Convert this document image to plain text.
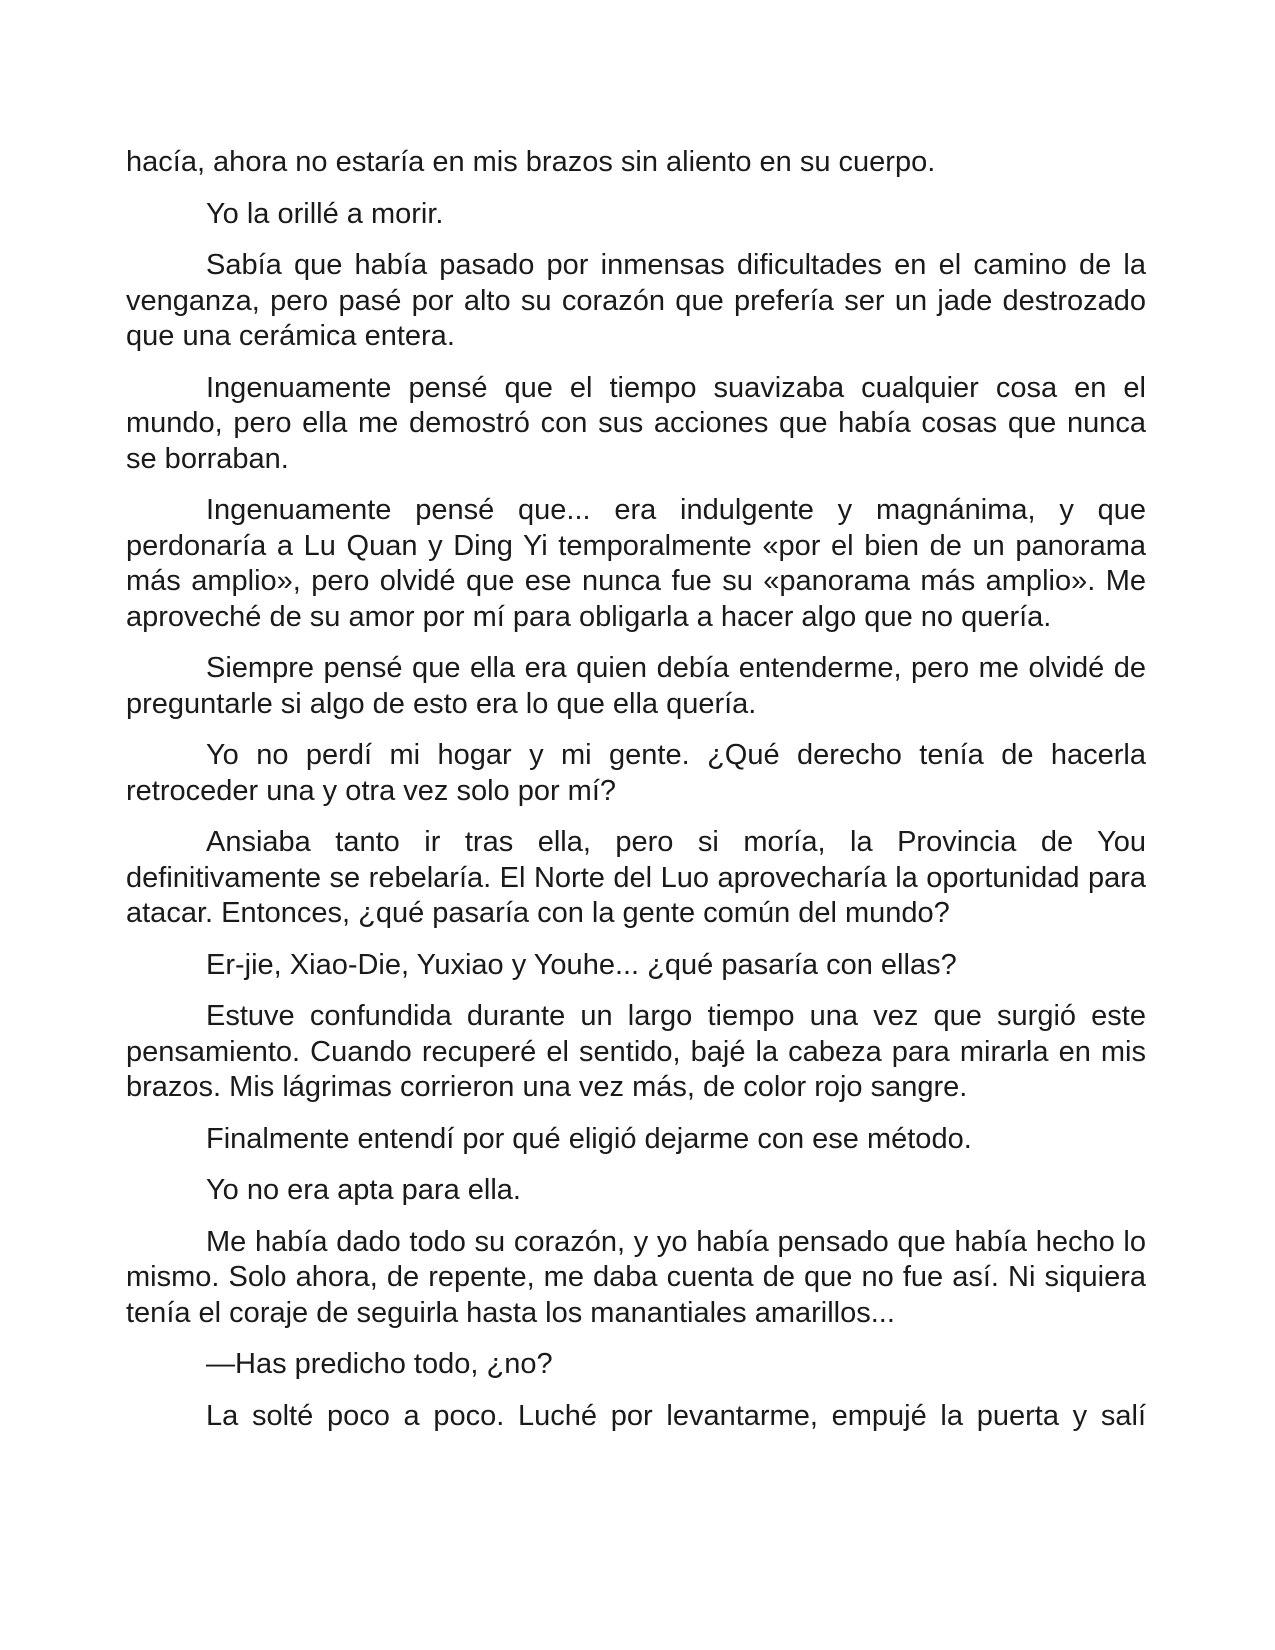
hacía, ahora no estaría en mis brazos sin aliento en su cuerpo.

Yo la orillé a morir.

Sabía que había pasado por inmensas dificultades en el camino de la venganza, pero pasé por alto su corazón que prefería ser un jade destrozado que una cerámica entera.

Ingenuamente pensé que el tiempo suavizaba cualquier cosa en el mundo, pero ella me demostró con sus acciones que había cosas que nunca se borraban.

Ingenuamente pensé que... era indulgente y magnánima, y que perdonaría a Lu Quan y Ding Yi temporalmente «por el bien de un panorama más amplio», pero olvidé que ese nunca fue su «panorama más amplio». Me aproveché de su amor por mí para obligarla a hacer algo que no quería.

Siempre pensé que ella era quien debía entenderme, pero me olvidé de preguntarle si algo de esto era lo que ella quería.

Yo no perdí mi hogar y mi gente. ¿Qué derecho tenía de hacerla retroceder una y otra vez solo por mí?

Ansiaba tanto ir tras ella, pero si moría, la Provincia de You definitivamente se rebelaría. El Norte del Luo aprovecharía la oportunidad para atacar. Entonces, ¿qué pasaría con la gente común del mundo?

Er-jie, Xiao-Die, Yuxiao y Youhe... ¿qué pasaría con ellas?

Estuve confundida durante un largo tiempo una vez que surgió este pensamiento. Cuando recuperé el sentido, bajé la cabeza para mirarla en mis brazos. Mis lágrimas corrieron una vez más, de color rojo sangre.

Finalmente entendí por qué eligió dejarme con ese método.

Yo no era apta para ella.

Me había dado todo su corazón, y yo había pensado que había hecho lo mismo. Solo ahora, de repente, me daba cuenta de que no fue así. Ni siquiera tenía el coraje de seguirla hasta los manantiales amarillos...

—Has predicho todo, ¿no?

La solté poco a poco. Luché por levantarme, empujé la puerta y salí
